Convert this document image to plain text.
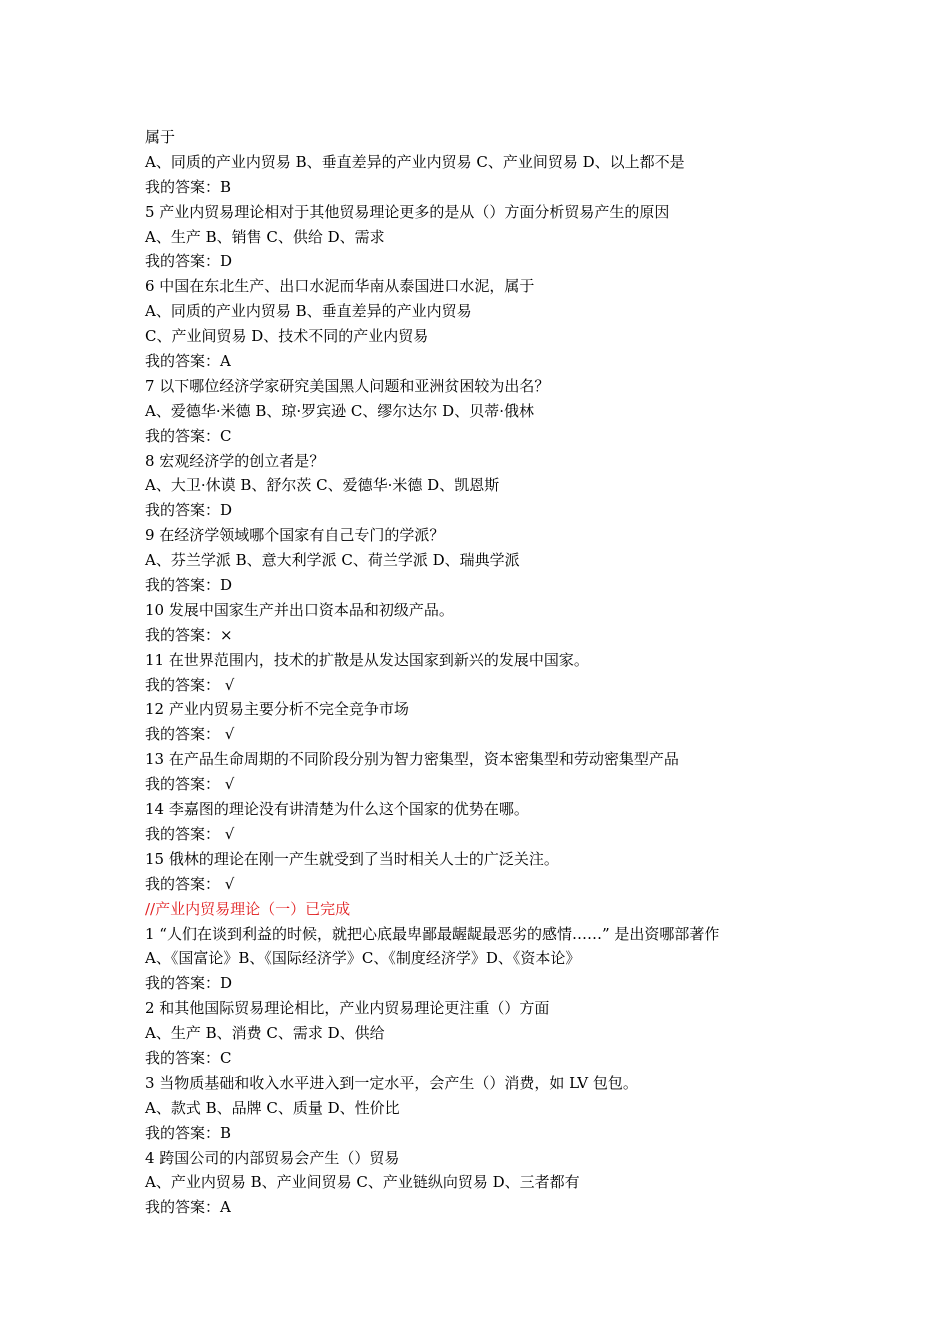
属于
A、同质的产业内贸易 B、垂直差异的产业内贸易 C、产业间贸易 D、以上都不是
我的答案：B
5 产业内贸易理论相对于其他贸易理论更多的是从（）方面分析贸易产生的原因
A、生产 B、销售 C、供给 D、需求
我的答案：D
6 中国在东北生产、出口水泥而华南从泰国进口水泥，属于
A、同质的产业内贸易 B、垂直差异的产业内贸易
C、产业间贸易 D、技术不同的产业内贸易
我的答案：A
7 以下哪位经济学家研究美国黑人问题和亚洲贫困较为出名？
A、爱德华·米德 B、琼·罗宾逊 C、缪尔达尔 D、贝蒂·俄林
我的答案：C
8 宏观经济学的创立者是？
A、大卫·休谟 B、舒尔茨 C、爱德华·米德 D、凯恩斯
我的答案：D
9 在经济学领域哪个国家有自己专门的学派？
A、芬兰学派 B、意大利学派 C、荷兰学派 D、瑞典学派
我的答案：D
10 发展中国家生产并出口资本品和初级产品。
我的答案：×
11 在世界范围内，技术的扩散是从发达国家到新兴的发展中国家。
我的答案： √
12 产业内贸易主要分析不完全竞争市场
我的答案： √
13 在产品生命周期的不同阶段分别为智力密集型，资本密集型和劳动密集型产品
我的答案： √
14 李嘉图的理论没有讲清楚为什么这个国家的优势在哪。
我的答案： √
15 俄林的理论在刚一产生就受到了当时相关人士的广泛关注。
我的答案： √
//产业内贸易理论（一）已完成
1 “人们在谈到利益的时候，就把心底最卑鄙最龌龊最恶劣的感情……” 是出资哪部著作
A、《国富论》B、《国际经济学》C、《制度经济学》D、《资本论》
我的答案：D
2 和其他国际贸易理论相比，产业内贸易理论更注重（）方面
A、生产 B、消费 C、需求 D、供给
我的答案：C
3 当物质基础和收入水平进入到一定水平，会产生（）消费，如 LV 包包。
A、款式 B、品牌 C、质量 D、性价比
我的答案：B
4 跨国公司的内部贸易会产生（）贸易
A、产业内贸易 B、产业间贸易 C、产业链纵向贸易 D、三者都有
我的答案：A
